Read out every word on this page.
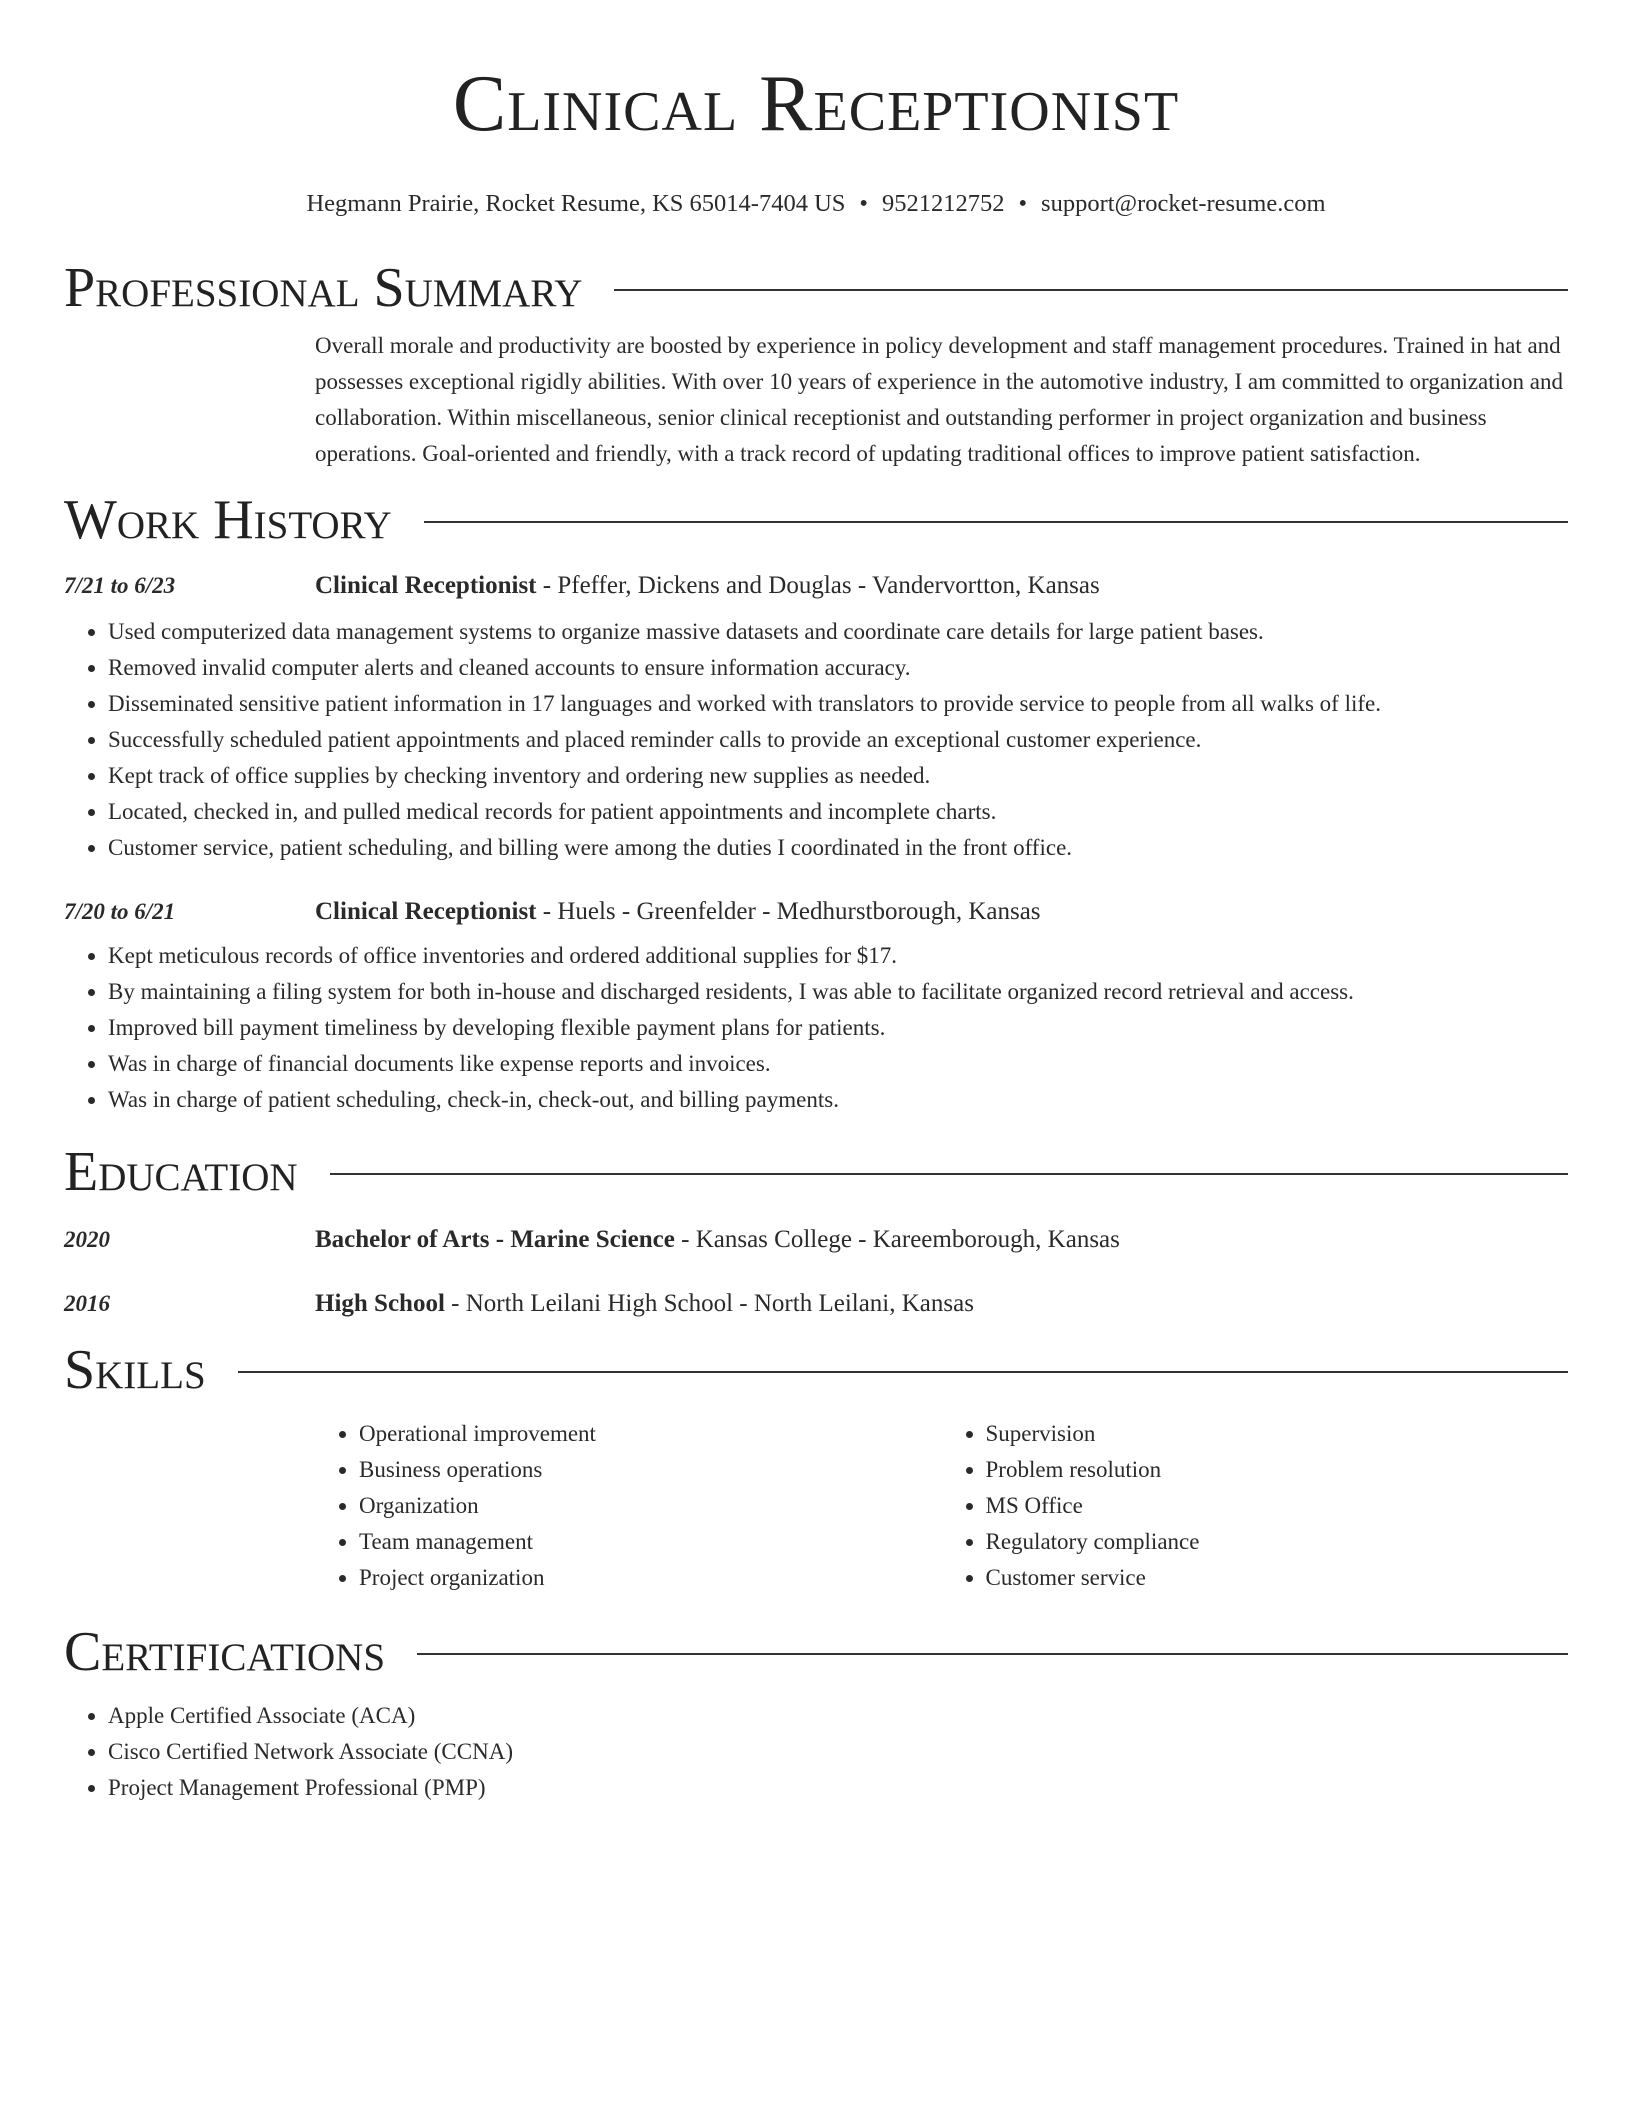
Clinical Receptionist
Hegmann Prairie, Rocket Resume, KS 65014-7404 US • 9521212752 • support@rocket-resume.com
Professional Summary
Overall morale and productivity are boosted by experience in policy development and staff management procedures. Trained in hat and possesses exceptional rigidly abilities. With over 10 years of experience in the automotive industry, I am committed to organization and collaboration. Within miscellaneous, senior clinical receptionist and outstanding performer in project organization and business operations. Goal-oriented and friendly, with a track record of updating traditional offices to improve patient satisfaction.
Work History
7/21 to 6/23	Clinical Receptionist - Pfeffer, Dickens and Douglas - Vandervortton, Kansas
• Used computerized data management systems to organize massive datasets and coordinate care details for large patient bases.
• Removed invalid computer alerts and cleaned accounts to ensure information accuracy.
• Disseminated sensitive patient information in 17 languages and worked with translators to provide service to people from all walks of life.
• Successfully scheduled patient appointments and placed reminder calls to provide an exceptional customer experience.
• Kept track of office supplies by checking inventory and ordering new supplies as needed.
• Located, checked in, and pulled medical records for patient appointments and incomplete charts.
• Customer service, patient scheduling, and billing were among the duties I coordinated in the front office.
7/20 to 6/21	Clinical Receptionist - Huels - Greenfelder - Medhurstborough, Kansas
• Kept meticulous records of office inventories and ordered additional supplies for $17.
• By maintaining a filing system for both in-house and discharged residents, I was able to facilitate organized record retrieval and access.
• Improved bill payment timeliness by developing flexible payment plans for patients.
• Was in charge of financial documents like expense reports and invoices.
• Was in charge of patient scheduling, check-in, check-out, and billing payments.
Education
2020	Bachelor of Arts - Marine Science - Kansas College - Kareemborough, Kansas
2016	High School - North Leilani High School - North Leilani, Kansas
Skills
• Operational improvement
• Business operations
• Organization
• Team management
• Project organization
• Supervision
• Problem resolution
• MS Office
• Regulatory compliance
• Customer service
Certifications
• Apple Certified Associate (ACA)
• Cisco Certified Network Associate (CCNA)
• Project Management Professional (PMP)
